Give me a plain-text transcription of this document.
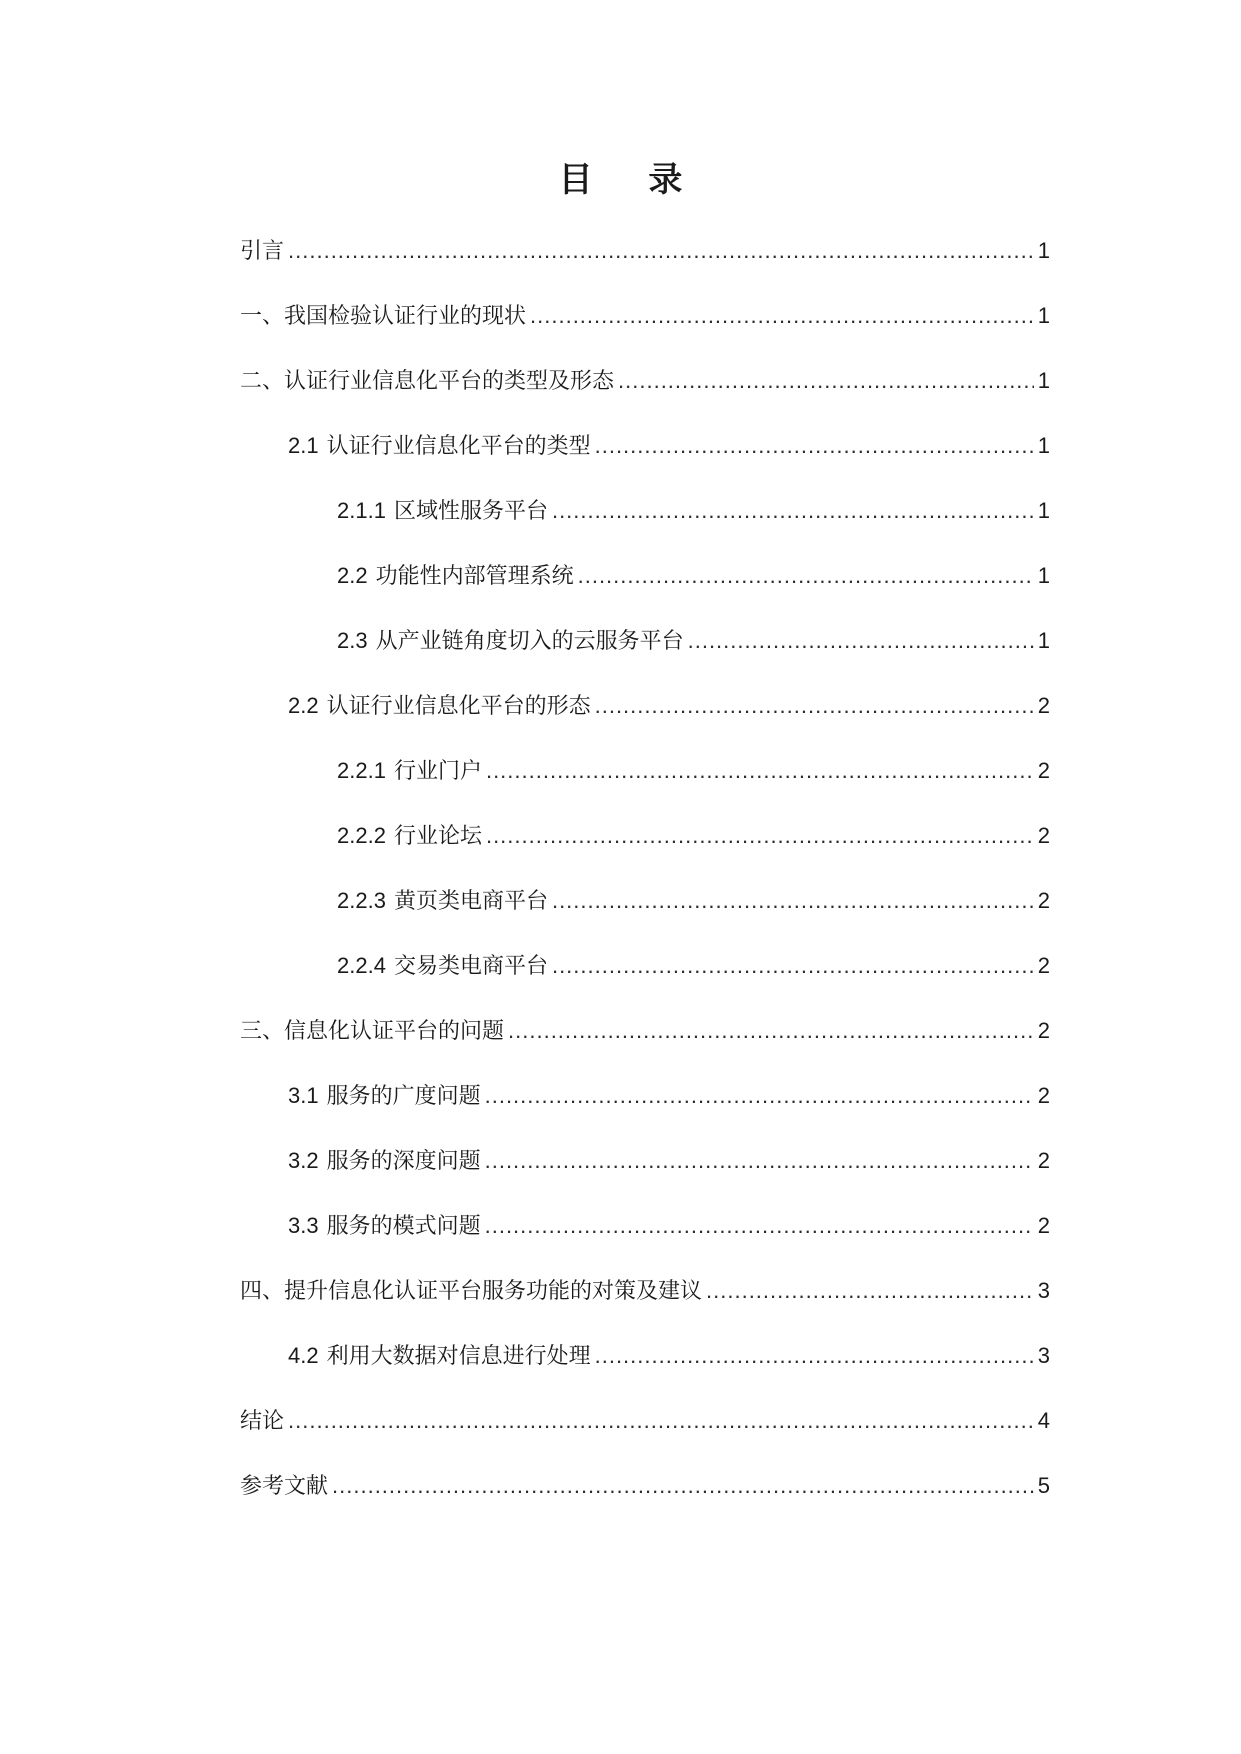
目 录
引言 .....	1
一、我国检验认证行业的现状 .....	1
二、认证行业信息化平台的类型及形态 .....	1
2.1 认证行业信息化平台的类型 .....	1
2.1.1 区域性服务平台 .....	1
2.2 功能性内部管理系统 .....	1
2.3 从产业链角度切入的云服务平台 .....	1
2.2 认证行业信息化平台的形态 .....	2
2.2.1 行业门户 .....	2
2.2.2 行业论坛 .....	2
2.2.3 黄页类电商平台 .....	2
2.2.4 交易类电商平台 .....	2
三、信息化认证平台的问题 .....	2
3.1 服务的广度问题 .....	2
3.2 服务的深度问题 .....	2
3.3 服务的模式问题 .....	2
四、提升信息化认证平台服务功能的对策及建议 .....	3
4.2 利用大数据对信息进行处理 .....	3
结论 .....	4
参考文献 .....	5
